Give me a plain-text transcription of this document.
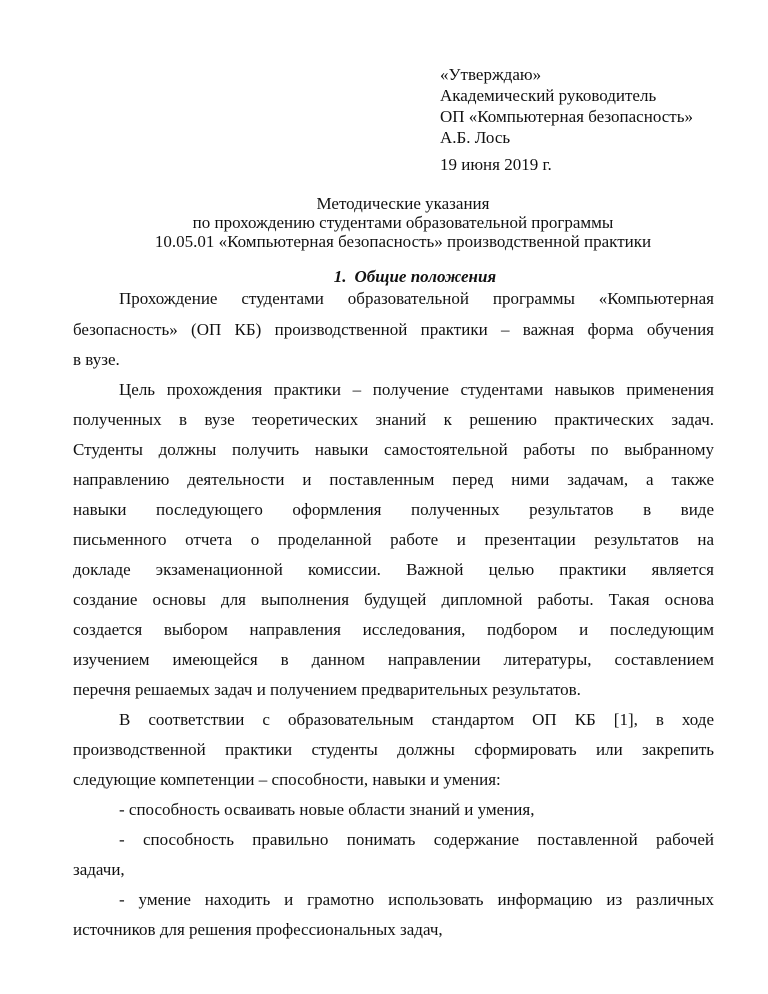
«Утверждаю»
Академический руководитель
ОП «Компьютерная безопасность»
А.Б. Лось
19 июня 2019 г.
Методические указания
по прохождению студентами образовательной программы
10.05.01 «Компьютерная безопасность» производственной практики
1. Общие положения
Прохождение студентами образовательной программы «Компьютерная
безопасность» (ОП КБ) производственной практики – важная форма обучения
в вузе.
Цель прохождения практики – получение студентами навыков применения
полученных в вузе теоретических знаний к решению практических задач.
Студенты должны получить навыки самостоятельной работы по выбранному
направлению деятельности и поставленным перед ними задачам, а также
навыки последующего оформления полученных результатов в виде
письменного отчета о проделанной работе и презентации результатов на
докладе экзаменационной комиссии. Важной целью практики является
создание основы для выполнения будущей дипломной работы. Такая основа
создается выбором направления исследования, подбором и последующим
изучением имеющейся в данном направлении литературы, составлением
перечня решаемых задач и получением предварительных результатов.
В соответствии с образовательным стандартом ОП КБ [1], в ходе
производственной практики студенты должны сформировать или закрепить
следующие компетенции – способности, навыки и умения:
- способность осваивать новые области знаний и умения,
- способность правильно понимать содержание поставленной рабочей
задачи,
- умение находить и грамотно использовать информацию из различных
источников для решения профессиональных задач,
